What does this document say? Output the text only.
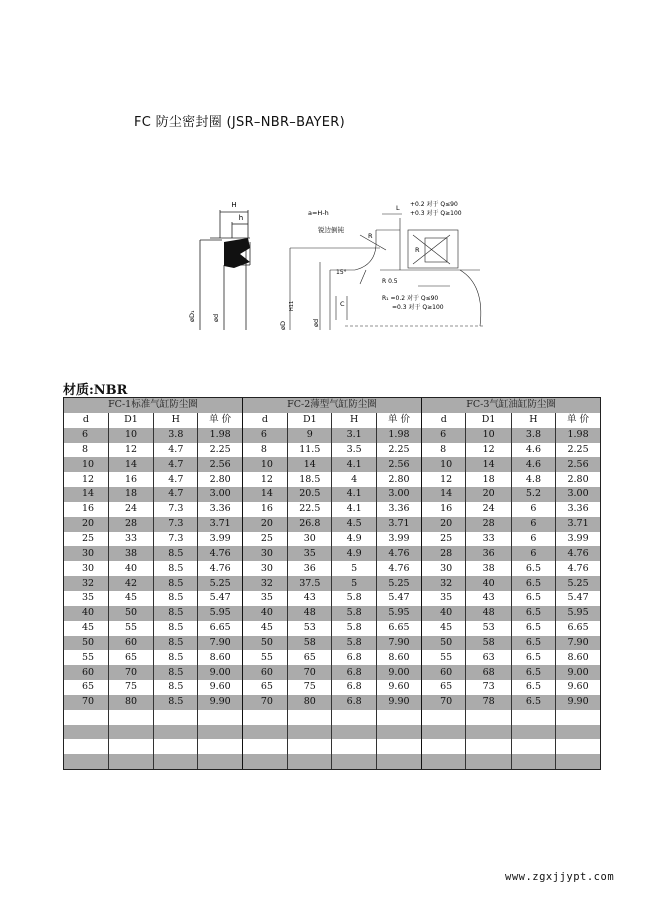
FC 防尘密封圈 (JSR–NBR–BAYER)
H
h
øD₁ ød
øD
H11
ød
a=H-h
L
锐边倒钝
R
R
+0.2 对于 Q≤90
+0.3 对于 Q≥100
15°
R 0.5
C
R₁ =0.2 对于 Q≤90
=0.3 对于 Q≥100
材质:NBR
FC-1标准气缸防尘圈				FC-2薄型气缸防尘圈				FC-3气缸油缸防尘圈			
d	D1	H	单 价	d	D1	H	单 价	d	D1	H	单 价
6	10	3.8	1.98	6	9	3.1	1.98	6	10	3.8	1.98
8	12	4.7	2.25	8	11.5	3.5	2.25	8	12	4.6	2.25
10	14	4.7	2.56	10	14	4.1	2.56	10	14	4.6	2.56
12	16	4.7	2.80	12	18.5	4	2.80	12	18	4.8	2.80
14	18	4.7	3.00	14	20.5	4.1	3.00	14	20	5.2	3.00
16	24	7.3	3.36	16	22.5	4.1	3.36	16	24	6	3.36
20	28	7.3	3.71	20	26.8	4.5	3.71	20	28	6	3.71
25	33	7.3	3.99	25	30	4.9	3.99	25	33	6	3.99
30	38	8.5	4.76	30	35	4.9	4.76	28	36	6	4.76
30	40	8.5	4.76	30	36	5	4.76	30	38	6.5	4.76
32	42	8.5	5.25	32	37.5	5	5.25	32	40	6.5	5.25
35	45	8.5	5.47	35	43	5.8	5.47	35	43	6.5	5.47
40	50	8.5	5.95	40	48	5.8	5.95	40	48	6.5	5.95
45	55	8.5	6.65	45	53	5.8	6.65	45	53	6.5	6.65
50	60	8.5	7.90	50	58	5.8	7.90	50	58	6.5	7.90
55	65	8.5	8.60	55	65	6.8	8.60	55	63	6.5	8.60
60	70	8.5	9.00	60	70	6.8	9.00	60	68	6.5	9.00
65	75	8.5	9.60	65	75	6.8	9.60	65	73	6.5	9.60
70	80	8.5	9.90	70	80	6.8	9.90	70	78	6.5	9.90

www.zgxjjypt.com
